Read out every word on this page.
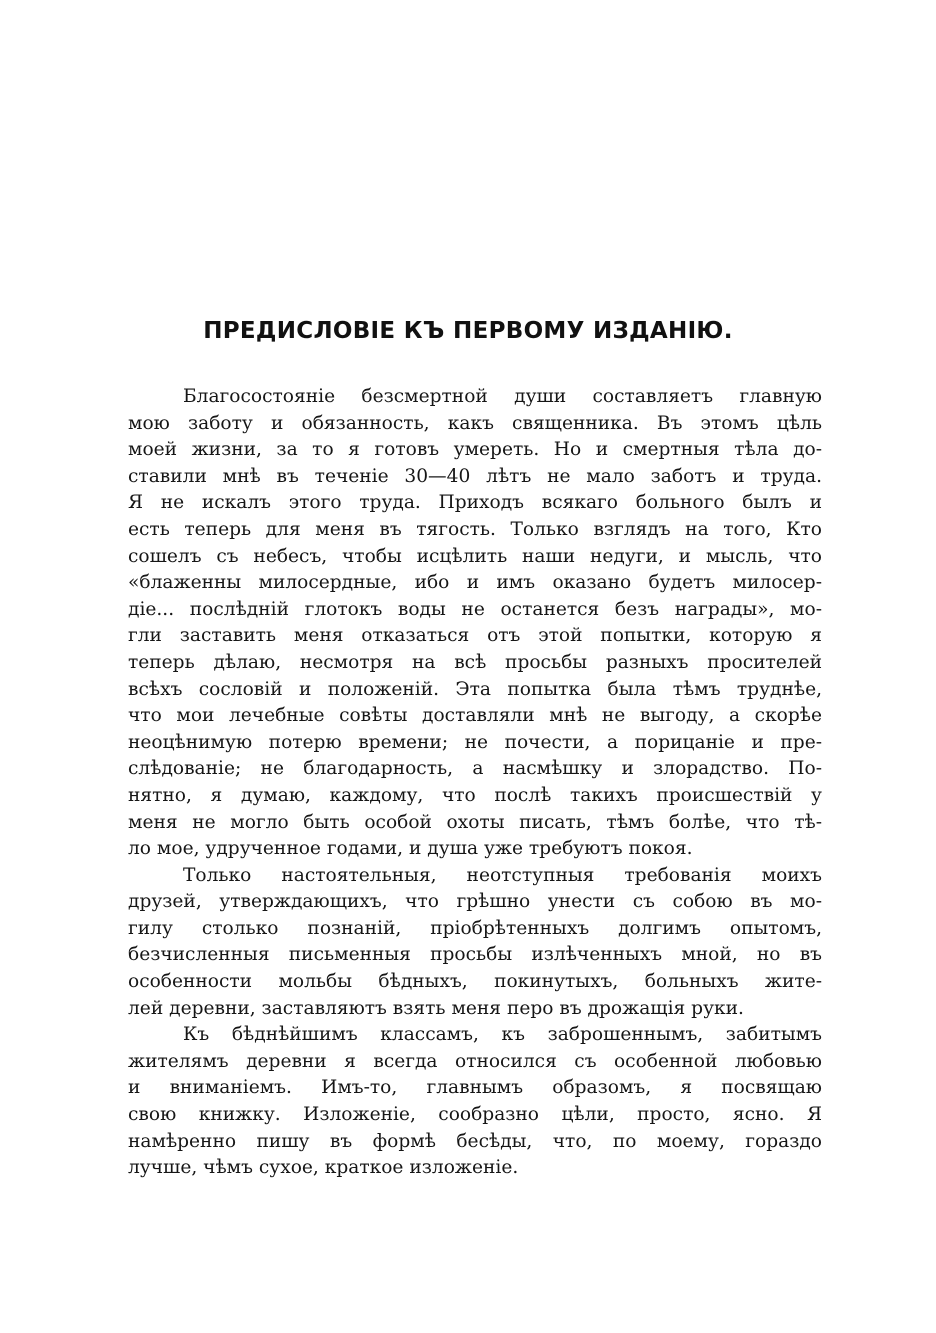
ПРЕДИСЛОВІЕ КЪ ПЕРВОМУ ИЗДАНІЮ.
Благосостояніе безсмертной души составляетъ главную
мою заботу и обязанность, какъ священника. Въ этомъ цѣль
моей жизни, за то я готовъ умереть. Но и смертныя тѣла до-
ставили мнѣ въ теченіе 30—40 лѣтъ не мало заботъ и труда.
Я не искалъ этого труда. Приходъ всякаго больного былъ и
есть теперь для меня въ тягость. Только взглядъ на того, Кто
сошелъ съ небесъ, чтобы исцѣлить наши недуги, и мысль, что
«блаженны милосердные, ибо и имъ оказано будетъ милосер-
діе... послѣдній глотокъ воды не останется безъ награды», мо-
гли заставить меня отказаться отъ этой попытки, которую я
теперь дѣлаю, несмотря на всѣ просьбы разныхъ просителей
всѣхъ сословій и положеній. Эта попытка была тѣмъ труднѣе,
что мои лечебные совѣты доставляли мнѣ не выгоду, а скорѣе
неоцѣнимую потерю времени; не почести, а порицаніе и пре-
слѣдованіе; не благодарность, а насмѣшку и злорадство. По-
нятно, я думаю, каждому, что послѣ такихъ происшествій у
меня не могло быть особой охоты писать, тѣмъ болѣе, что тѣ-
ло мое, удрученное годами, и душа уже требуютъ покоя.
Только настоятельныя, неотступныя требованія моихъ
друзей, утверждающихъ, что грѣшно унести съ собою въ мо-
гилу столько познаній, пріобрѣтенныхъ долгимъ опытомъ,
безчисленныя письменныя просьбы излѣченныхъ мной, но въ
особенности мольбы бѣдныхъ, покинутыхъ, больныхъ жите-
лей деревни, заставляютъ взять меня перо въ дрожащія руки.
Къ бѣднѣйшимъ классамъ, къ заброшеннымъ, забитымъ
жителямъ деревни я всегда относился съ особенной любовью
и вниманіемъ. Имъ-то, главнымъ образомъ, я посвящаю
свою книжку. Изложеніе, сообразно цѣли, просто, ясно. Я
намѣренно пишу въ формѣ бесѣды, что, по моему, гораздо
лучше, чѣмъ сухое, краткое изложеніе.
